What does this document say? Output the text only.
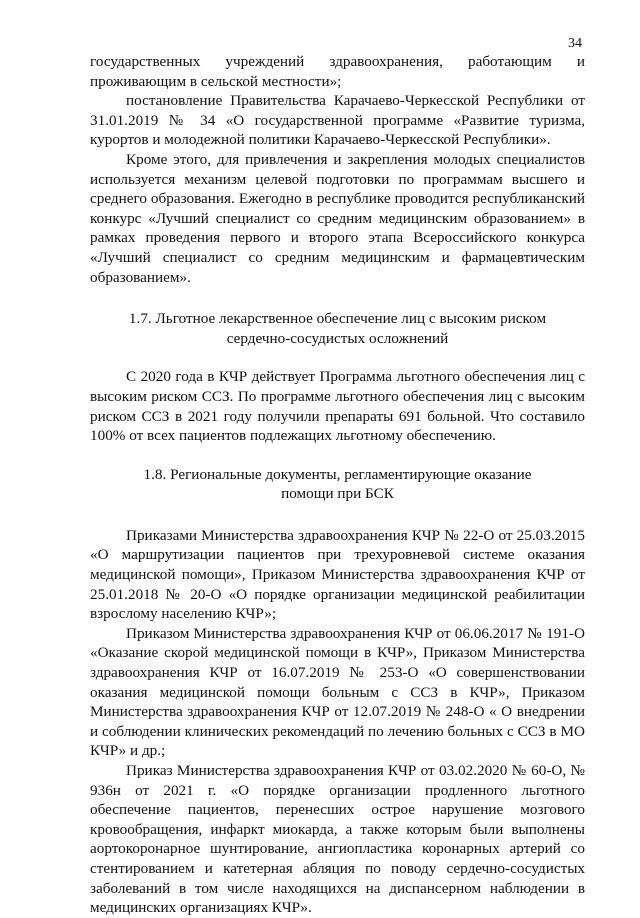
34

государственных учреждений здравоохранения, работающим и проживающим в сельской местности»;

постановление Правительства Карачаево-Черкесской Республики от 31.01.2019 № 34 «О государственной программе «Развитие туризма, курортов и молодежной политики Карачаево-Черкесской Республики».

Кроме этого, для привлечения и закрепления молодых специалистов используется механизм целевой подготовки по программам высшего и среднего образования. Ежегодно в республике проводится республиканский конкурс «Лучший специалист со средним медицинским образованием» в рамках проведения первого и второго этапа Всероссийского конкурса «Лучший специалист со средним медицинским и фармацевтическим образованием».

1.7. Льготное лекарственное обеспечение лиц с высоким риском

сердечно-сосудистых осложнений

С 2020 года в КЧР действует Программа льготного обеспечения лиц с высоким риском ССЗ. По программе льготного обеспечения лиц с высоким риском ССЗ в 2021 году получили препараты 691 больной. Что составило 100% от всех пациентов подлежащих льготному обеспечению.

1.8. Региональные документы, регламентирующие оказание

помощи при БСК

Приказами Министерства здравоохранения КЧР № 22-О от 25.03.2015 «О маршрутизации пациентов при трехуровневой системе оказания медицинской помощи», Приказом Министерства здравоохранения КЧР от 25.01.2018 № 20-О «О порядке организации медицинской реабилитации взрослому населению КЧР»;

Приказом Министерства здравоохранения КЧР от 06.06.2017 № 191-О «Оказание скорой медицинской помощи в КЧР», Приказом Министерства здравоохранения КЧР от 16.07.2019 № 253-О «О совершенствовании оказания медицинской помощи больным с ССЗ в КЧР», Приказом Министерства здравоохранения КЧР от 12.07.2019 № 248-О « О внедрении и соблюдении клинических рекомендаций по лечению больных с ССЗ в МО КЧР» и др.;

Приказ Министерства здравоохранения КЧР от 03.02.2020 № 60-О, № 936н от 2021 г. «О порядке организации продленного льготного обеспечение пациентов, перенесших острое нарушение мозгового кровообращения, инфаркт миокарда, а также которым были выполнены аортокоронарное шунтирование, ангиопластика коронарных артерий со стентированием и катетерная абляция по поводу сердечно-сосудистых заболеваний в том числе находящихся на диспансерном наблюдении в медицинских организациях КЧР».
